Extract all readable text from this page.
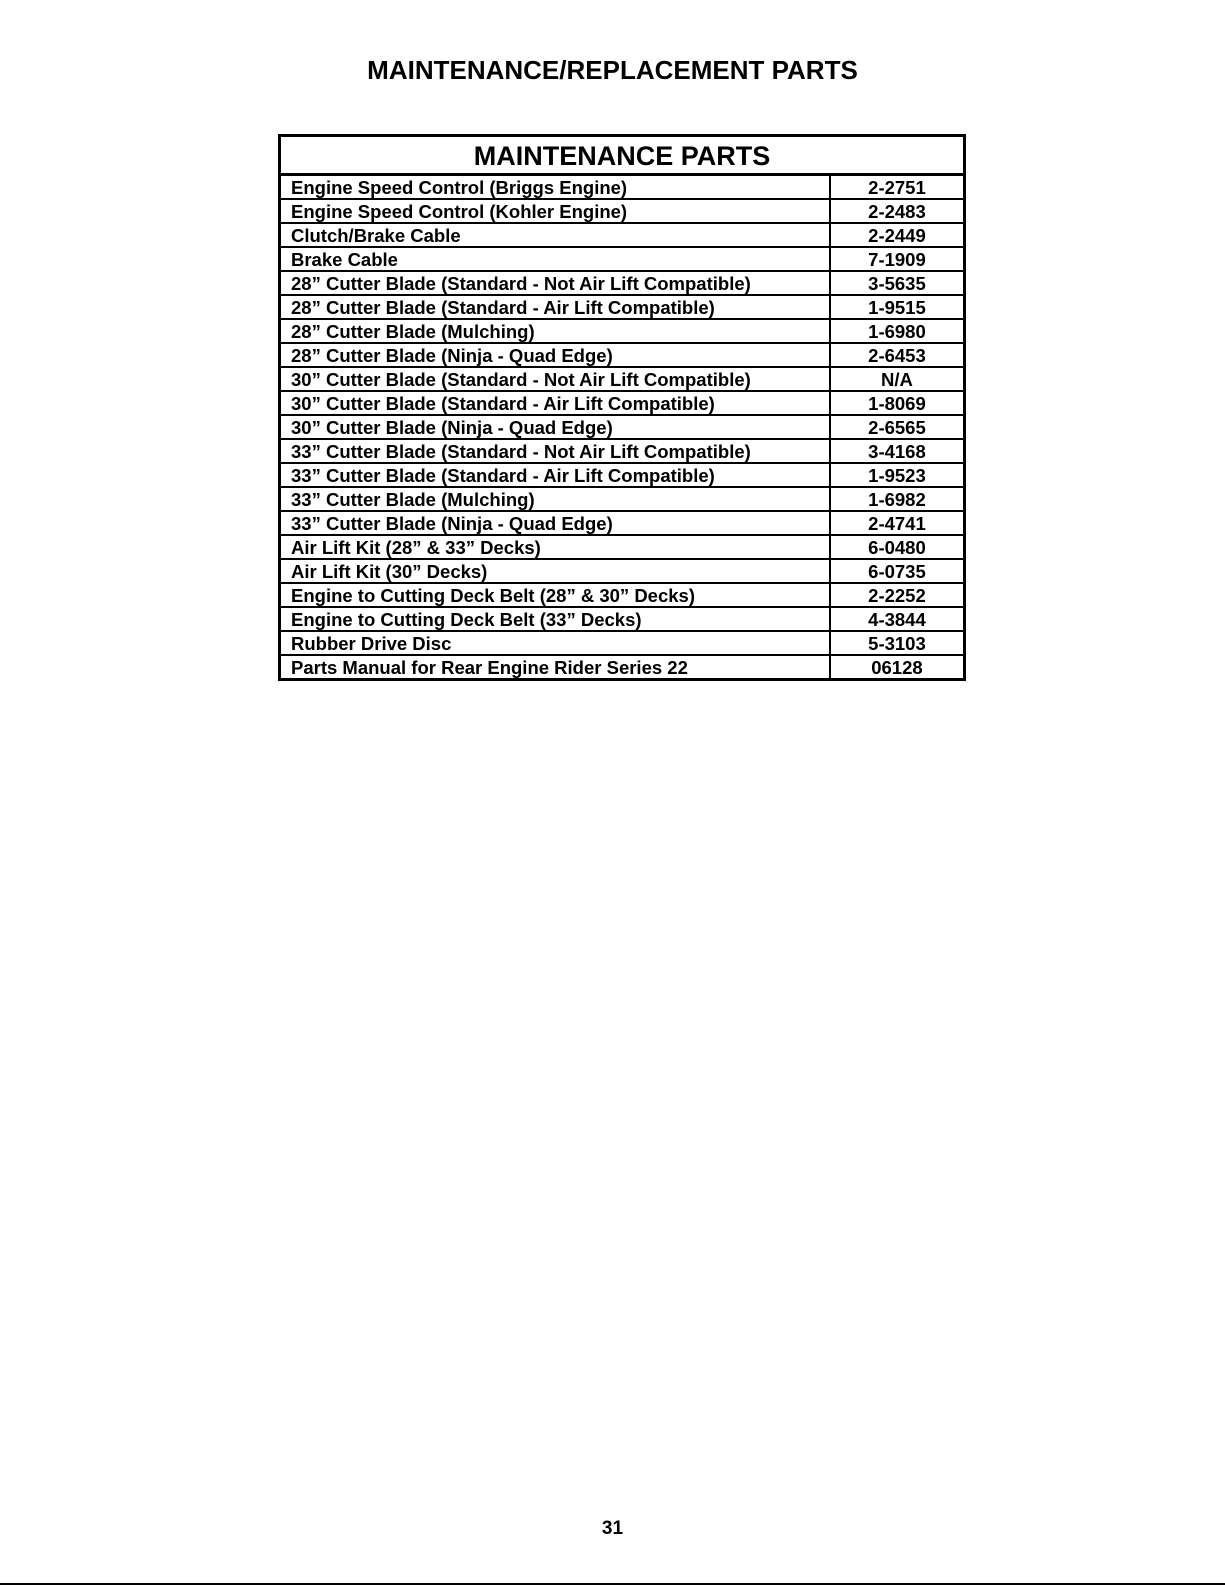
MAINTENANCE/REPLACEMENT PARTS
MAINTENANCE PARTS	
Engine Speed Control (Briggs Engine)	2-2751
Engine Speed Control (Kohler Engine)	2-2483
Clutch/Brake Cable	2-2449
Brake Cable	7-1909
28” Cutter Blade (Standard - Not Air Lift Compatible)	3-5635
28” Cutter Blade (Standard - Air Lift Compatible)	1-9515
28” Cutter Blade (Mulching)	1-6980
28” Cutter Blade (Ninja - Quad Edge)	2-6453
30” Cutter Blade (Standard - Not Air Lift Compatible)	N/A
30” Cutter Blade (Standard - Air Lift Compatible)	1-8069
30” Cutter Blade (Ninja - Quad Edge)	2-6565
33” Cutter Blade (Standard - Not Air Lift Compatible)	3-4168
33” Cutter Blade (Standard - Air Lift Compatible)	1-9523
33” Cutter Blade (Mulching)	1-6982
33” Cutter Blade (Ninja - Quad Edge)	2-4741
Air Lift Kit (28” & 33” Decks)	6-0480
Air Lift Kit (30” Decks)	6-0735
Engine to Cutting Deck Belt (28” & 30” Decks)	2-2252
Engine to Cutting Deck Belt (33” Decks)	4-3844
Rubber Drive Disc	5-3103
Parts Manual for Rear Engine Rider Series 22	06128
31
